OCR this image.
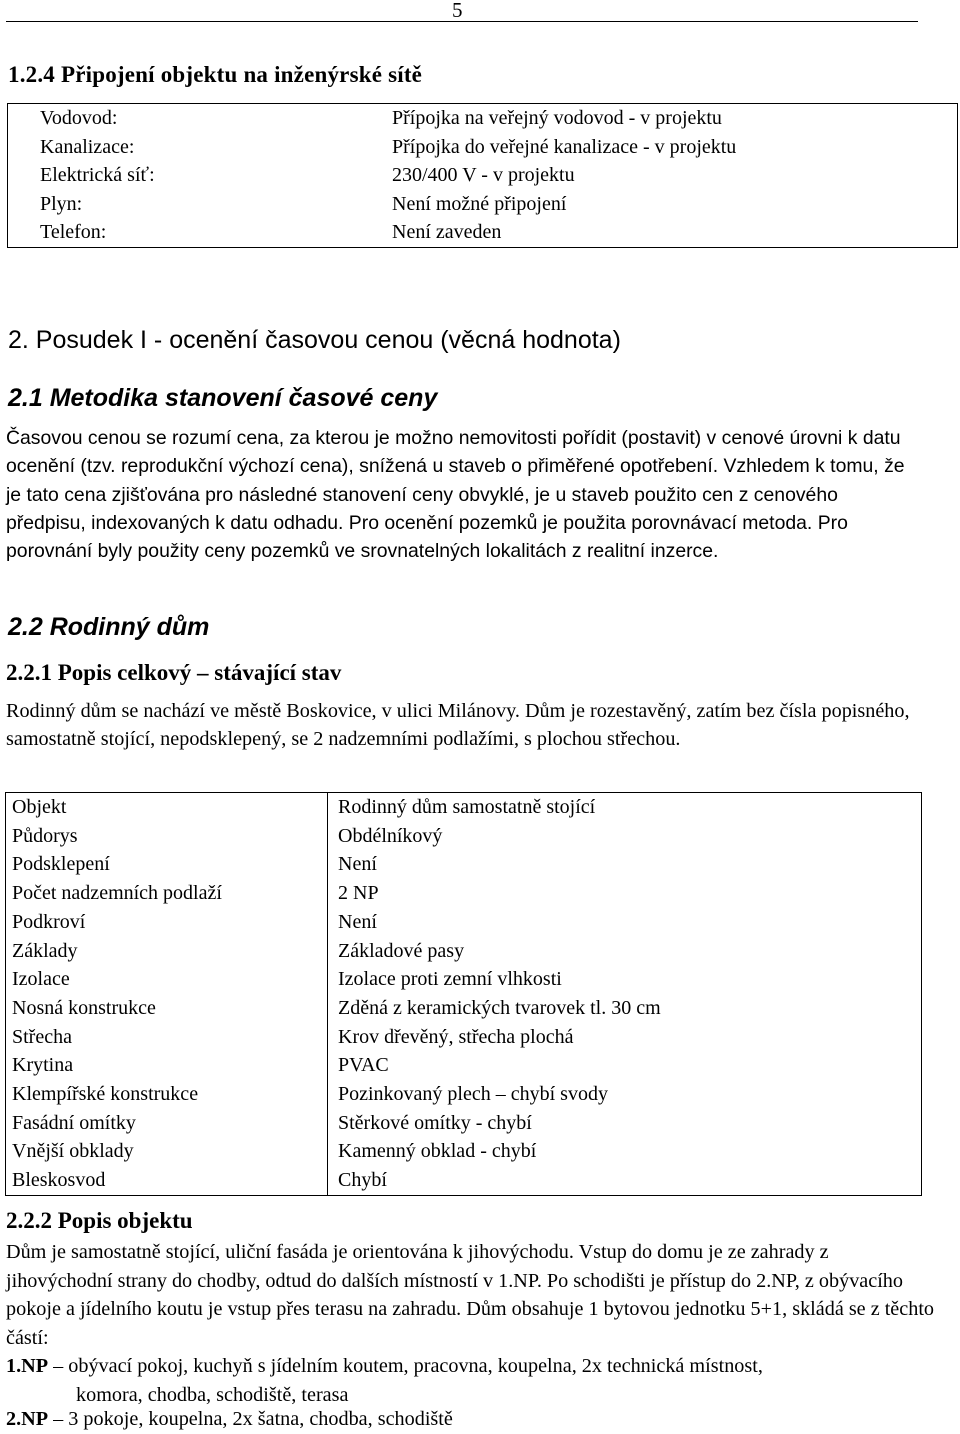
5
1.2.4 Připojení objektu na inženýrské sítě
Vodovod:	Přípojka na veřejný vodovod - v projektu
Kanalizace:	Přípojka do veřejné kanalizace - v projektu
Elektrická síť:	230/400 V - v projektu
Plyn:	Není možné připojení
Telefon:	Není zaveden
2. Posudek I - ocenění časovou cenou (věcná hodnota)
2.1 Metodika stanovení časové ceny

Časovou cenou se rozumí cena, za kterou je možno nemovitosti pořídit (postavit) v cenové úrovni k datu ocenění (tzv. reprodukční výchozí cena), snížená u staveb o přiměřené opotřebení. Vzhledem k tomu, že je tato cena zjišťována pro následné stanovení ceny obvyklé, je u staveb použito cen z cenového předpisu, indexovaných k datu odhadu. Pro ocenění pozemků je použita porovnávací metoda. Pro porovnání byly použity ceny pozemků ve srovnatelných lokalitách z realitní inzerce.

2.2 Rodinný dům
2.2.1 Popis celkový – stávající stav

Rodinný dům se nachází ve městě Boskovice, v ulici Milánovy. Dům je rozestavěný, zatím bez čísla popisného, samostatně stojící, nepodsklepený, se 2 nadzemními podlažími, s plochou střechou.

Objekt	Rodinný dům samostatně stojící
Půdorys	Obdélníkový
Podsklepení	Není
Počet nadzemních podlaží	2 NP
Podkroví	Není
Základy	Základové pasy
Izolace	Izolace proti zemní vlhkosti
Nosná konstrukce	Zděná z keramických tvarovek tl. 30 cm
Střecha	Krov dřevěný, střecha plochá
Krytina	PVAC
Klempířské konstrukce	Pozinkovaný plech – chybí svody
Fasádní omítky	Stěrkové omítky - chybí
Vnější obklady	Kamenný obklad - chybí
Bleskosvod	Chybí
2.2.2 Popis objektu

Dům je samostatně stojící, uliční fasáda je orientována k jihovýchodu. Vstup do domu je ze zahrady z jihovýchodní strany do chodby, odtud do dalších místností v 1.NP. Po schodišti je přístup do 2.NP, z obývacího pokoje a jídelního koutu je vstup přes terasu na zahradu. Dům obsahuje 1 bytovou jednotku 5+1, skládá se z těchto částí:

1.NP – obývací pokoj, kuchyň s jídelním koutem, pracovna, koupelna, 2x technická místnost,
komora, chodba, schodiště, terasa
2.NP – 3 pokoje, koupelna, 2x šatna, chodba, schodiště
